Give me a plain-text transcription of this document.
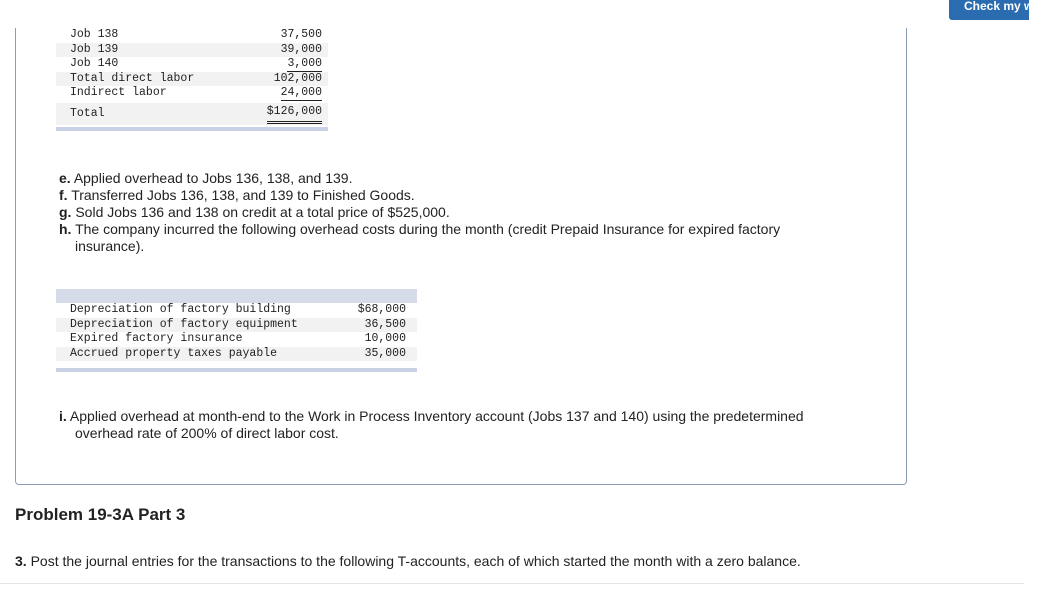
Check my work
Job 138	37,500
Job 139	39,000
Job 140	3,000
Total direct labor	102,000
Indirect labor	24,000
Total	$126,000
e. Applied overhead to Jobs 136, 138, and 139.
f. Transferred Jobs 136, 138, and 139 to Finished Goods.
g. Sold Jobs 136 and 138 on credit at a total price of $525,000.
h. The company incurred the following overhead costs during the month (credit Prepaid Insurance for expired factory
insurance).
Depreciation of factory building	$68,000
Depreciation of factory equipment	36,500
Expired factory insurance	10,000
Accrued property taxes payable	35,000
i. Applied overhead at month-end to the Work in Process Inventory account (Jobs 137 and 140) using the predetermined
overhead rate of 200% of direct labor cost.
Problem 19-3A Part 3
3. Post the journal entries for the transactions to the following T-accounts, each of which started the month with a zero balance.
